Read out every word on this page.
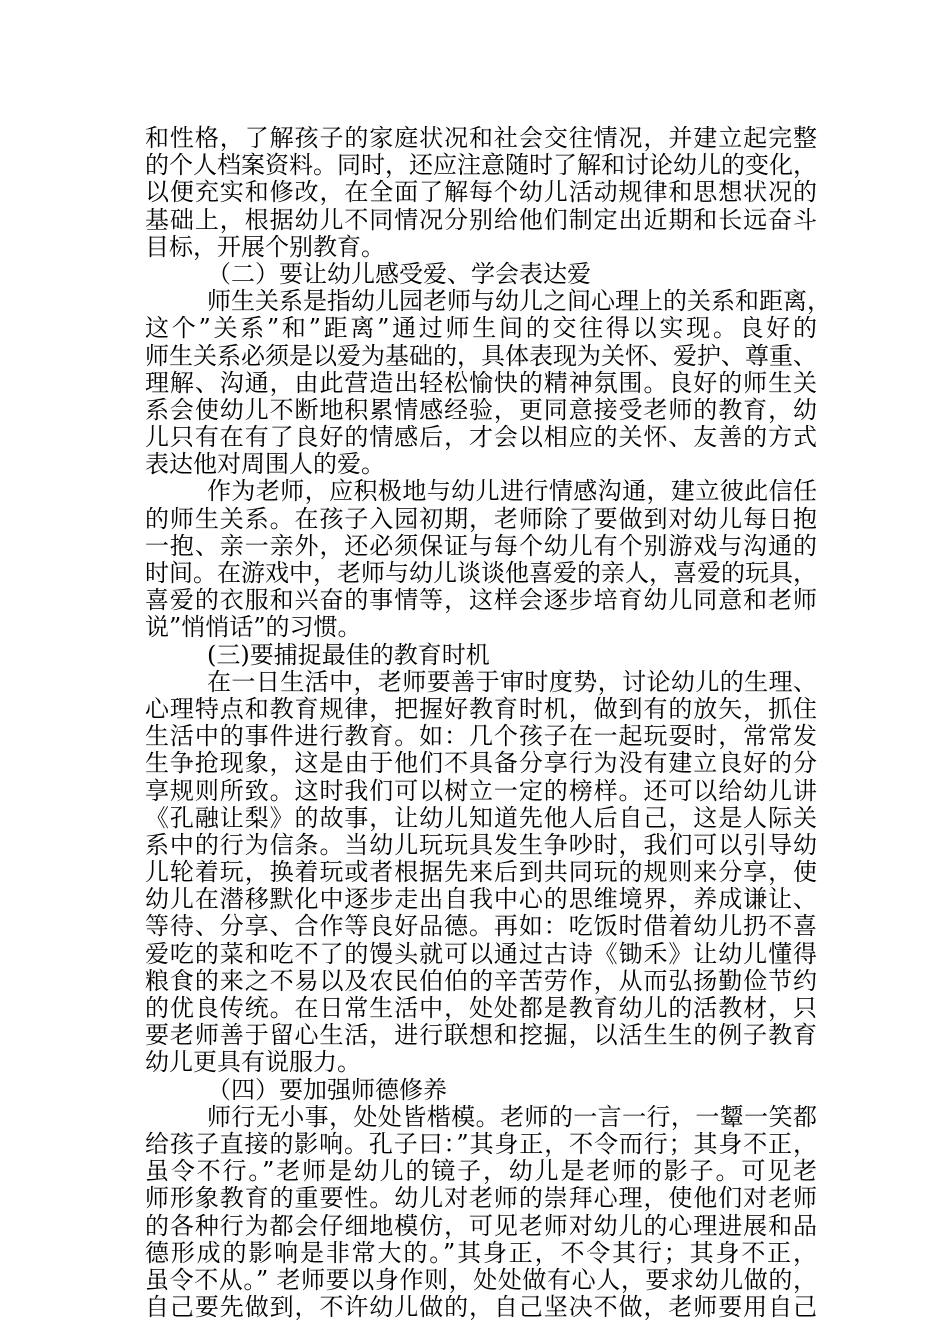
和性格，了解孩子的家庭状况和社会交往情况，并建立起完整
的个人档案资料。同时，还应注意随时了解和讨论幼儿的变化，
以便充实和修改，在全面了解每个幼儿活动规律和思想状况的
基础上，根据幼儿不同情况分别给他们制定出近期和长远奋斗
目标，开展个别教育。
（二）要让幼儿感受爱、学会表达爱
师生关系是指幼儿园老师与幼儿之间心理上的关系和距离，
这个”关系”和”距离”通过师生间的交往得以实现。良好的
师生关系必须是以爱为基础的，具体表现为关怀、爱护、尊重、
理解、沟通，由此营造出轻松愉快的精神氛围。良好的师生关
系会使幼儿不断地积累情感经验，更同意接受老师的教育，幼
儿只有在有了良好的情感后，才会以相应的关怀、友善的方式
表达他对周围人的爱。
作为老师，应积极地与幼儿进行情感沟通，建立彼此信任
的师生关系。在孩子入园初期，老师除了要做到对幼儿每日抱
一抱、亲一亲外，还必须保证与每个幼儿有个别游戏与沟通的
时间。在游戏中，老师与幼儿谈谈他喜爱的亲人，喜爱的玩具，
喜爱的衣服和兴奋的事情等，这样会逐步培育幼儿同意和老师
说”悄悄话”的习惯。
(三)要捕捉最佳的教育时机
在一日生活中，老师要善于审时度势，讨论幼儿的生理、
心理特点和教育规律，把握好教育时机，做到有的放矢，抓住
生活中的事件进行教育。如：几个孩子在一起玩耍时，常常发
生争抢现象，这是由于他们不具备分享行为没有建立良好的分
享规则所致。这时我们可以树立一定的榜样。还可以给幼儿讲
《孔融让梨》的故事，让幼儿知道先他人后自己，这是人际关
系中的行为信条。当幼儿玩玩具发生争吵时，我们可以引导幼
儿轮着玩，换着玩或者根据先来后到共同玩的规则来分享，使
幼儿在潜移默化中逐步走出自我中心的思维境界，养成谦让、
等待、分享、合作等良好品德。再如：吃饭时借着幼儿扔不喜
爱吃的菜和吃不了的馒头就可以通过古诗《锄禾》让幼儿懂得
粮食的来之不易以及农民伯伯的辛苦劳作，从而弘扬勤俭节约
的优良传统。在日常生活中，处处都是教育幼儿的活教材，只
要老师善于留心生活，进行联想和挖掘，以活生生的例子教育
幼儿更具有说服力。
（四）要加强师德修养
师行无小事，处处皆楷模。老师的一言一行，一颦一笑都
给孩子直接的影响。孔子曰：”其身正，不令而行；其身不正，
虽令不行。”老师是幼儿的镜子，幼儿是老师的影子。可见老
师形象教育的重要性。幼儿对老师的崇拜心理，使他们对老师
的各种行为都会仔细地模仿，可见老师对幼儿的心理进展和品
德形成的影响是非常大的。”其身正，不令其行；其身不正，
虽令不从。” 老师要以身作则，处处做有心人，要求幼儿做的，
自己要先做到，不许幼儿做的，自己坚决不做，老师要用自己
